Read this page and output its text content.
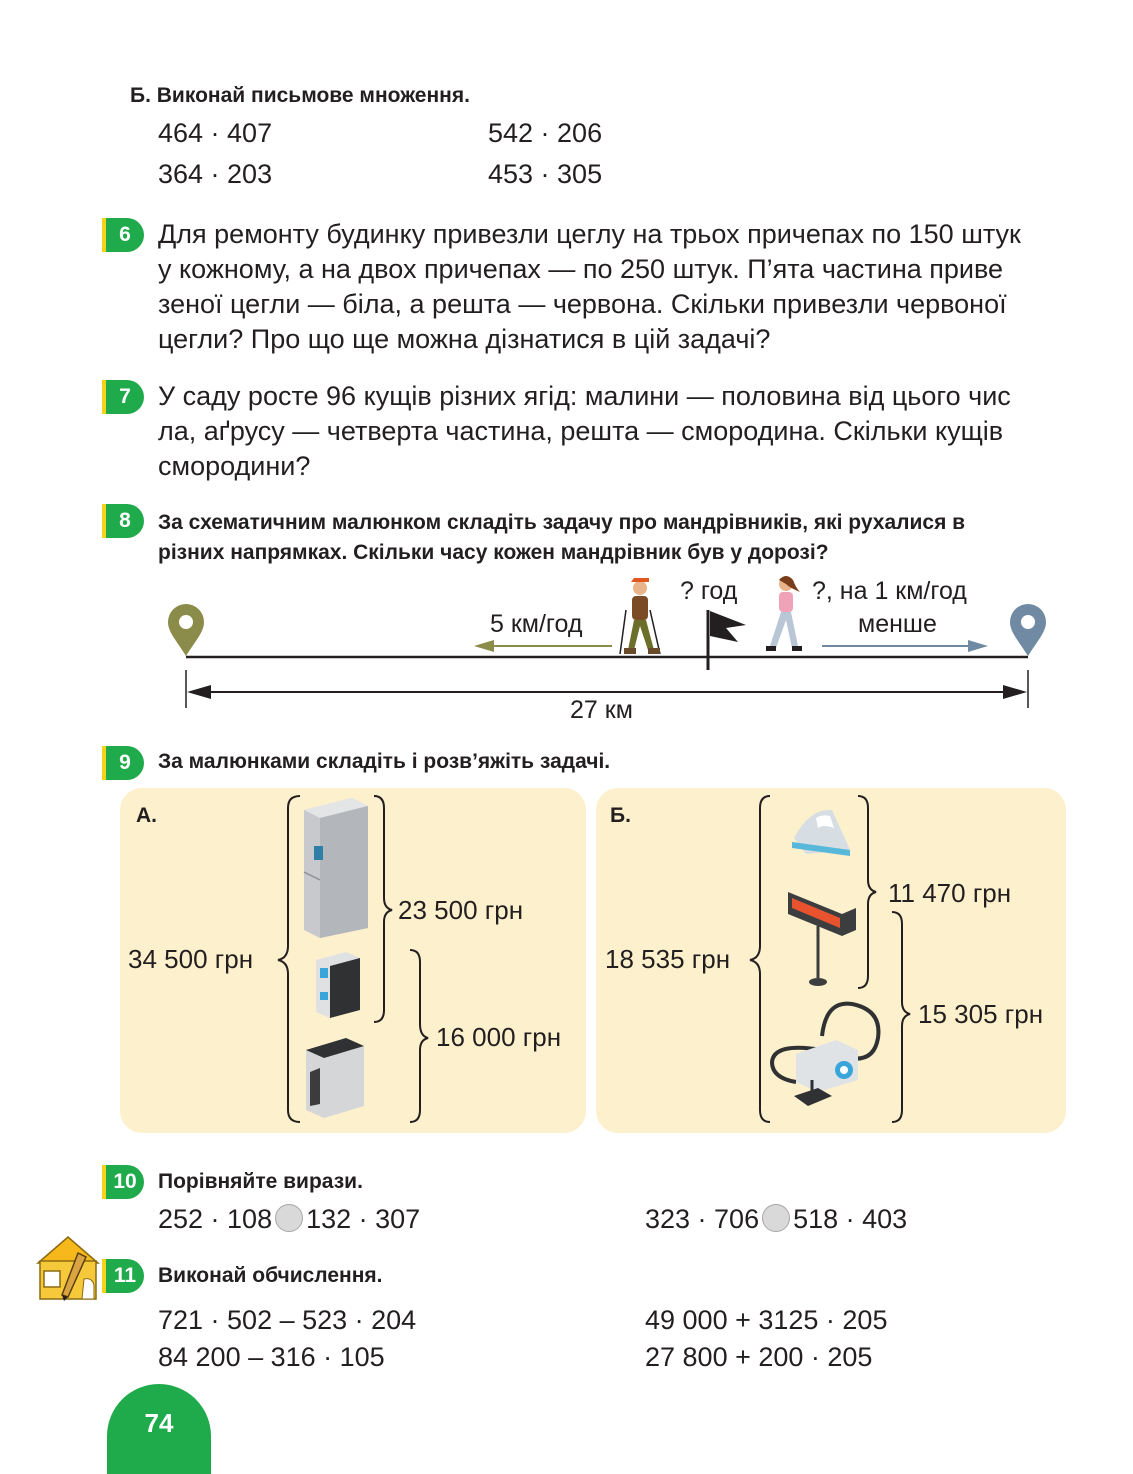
Б. Виконай письмове множення.
464 · 407	542 · 206
364 · 203	453 · 305
6	Для ремонту будинку привезли цеглу на трьох причепах по 150 штук
у кожному, а на двох причепах — по 250 штук. П’ята частина приве
зеної цегли — біла, а решта — червона. Скільки привезли червоної
цегли? Про що ще можна дізнатися в цій задачі?
7	У саду росте 96 кущів різних ягід: малини — половина від цього чис
ла, аґрусу — четверта частина, решта — смородина. Скільки кущів
смородини?
8	За схематичним малюнком складіть задачу про мандрівників, які рухалися в
різних напрямках. Скільки часу кожен мандрівник був у дорозі?
5 км/год
? год	?, на 1 км/год
менше
27 км
9	За малюнками складіть і розв’яжіть задачі.
А.
34 500 грн
23 500 грн
16 000 грн
Б.
18 535 грн
11 470 грн
15 305 грн
10	Порівняйте вирази.
252 · 108 132 · 307	323 · 706 518 · 403
11	Виконай обчислення.
721 · 502 – 523 · 204	49 000 + 3125 · 205
84 200 – 316 · 105	27 800 + 200 · 205
74
